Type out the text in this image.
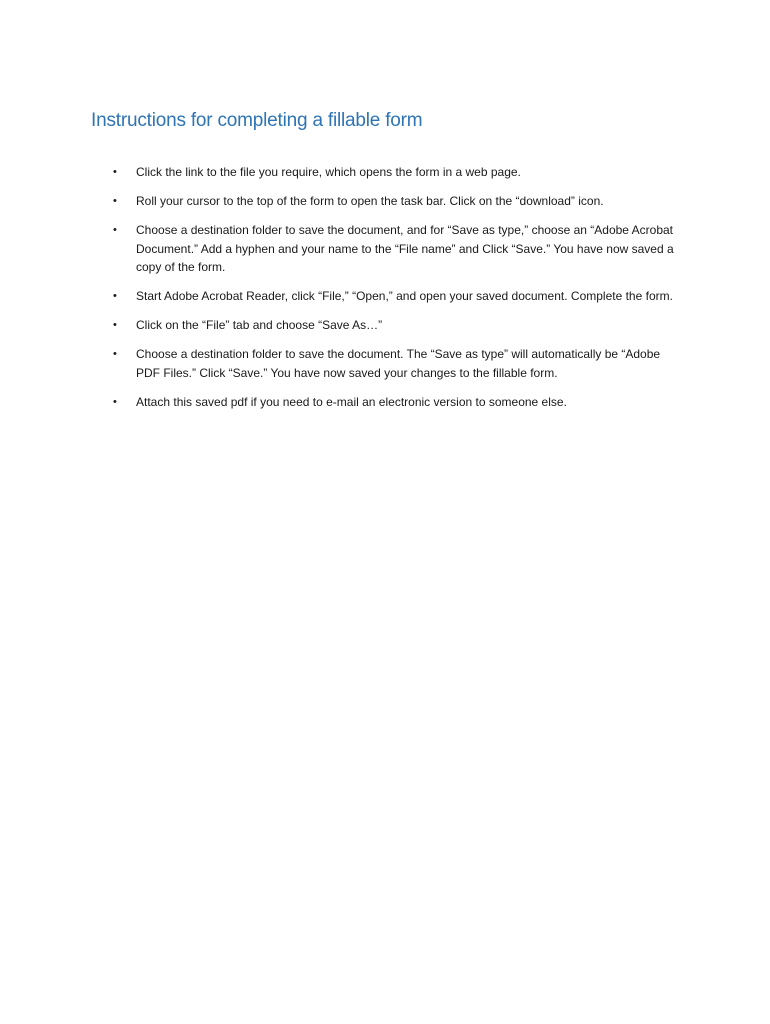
Instructions for completing a fillable form
• Click the link to the file you require, which opens the form in a web page.
• Roll your cursor to the top of the form to open the task bar. Click on the “download” icon.
• Choose a destination folder to save the document, and for “Save as type,” choose an “Adobe Acrobat Document.” Add a hyphen and your name to the “File name” and Click “Save.” You have now saved a copy of the form.
• Start Adobe Acrobat Reader, click “File,” “Open,” and open your saved document. Complete the form.
• Click on the “File” tab and choose “Save As…”
• Choose a destination folder to save the document. The “Save as type” will automatically be “Adobe PDF Files.” Click “Save.” You have now saved your changes to the fillable form.
• Attach this saved pdf if you need to e-mail an electronic version to someone else.
